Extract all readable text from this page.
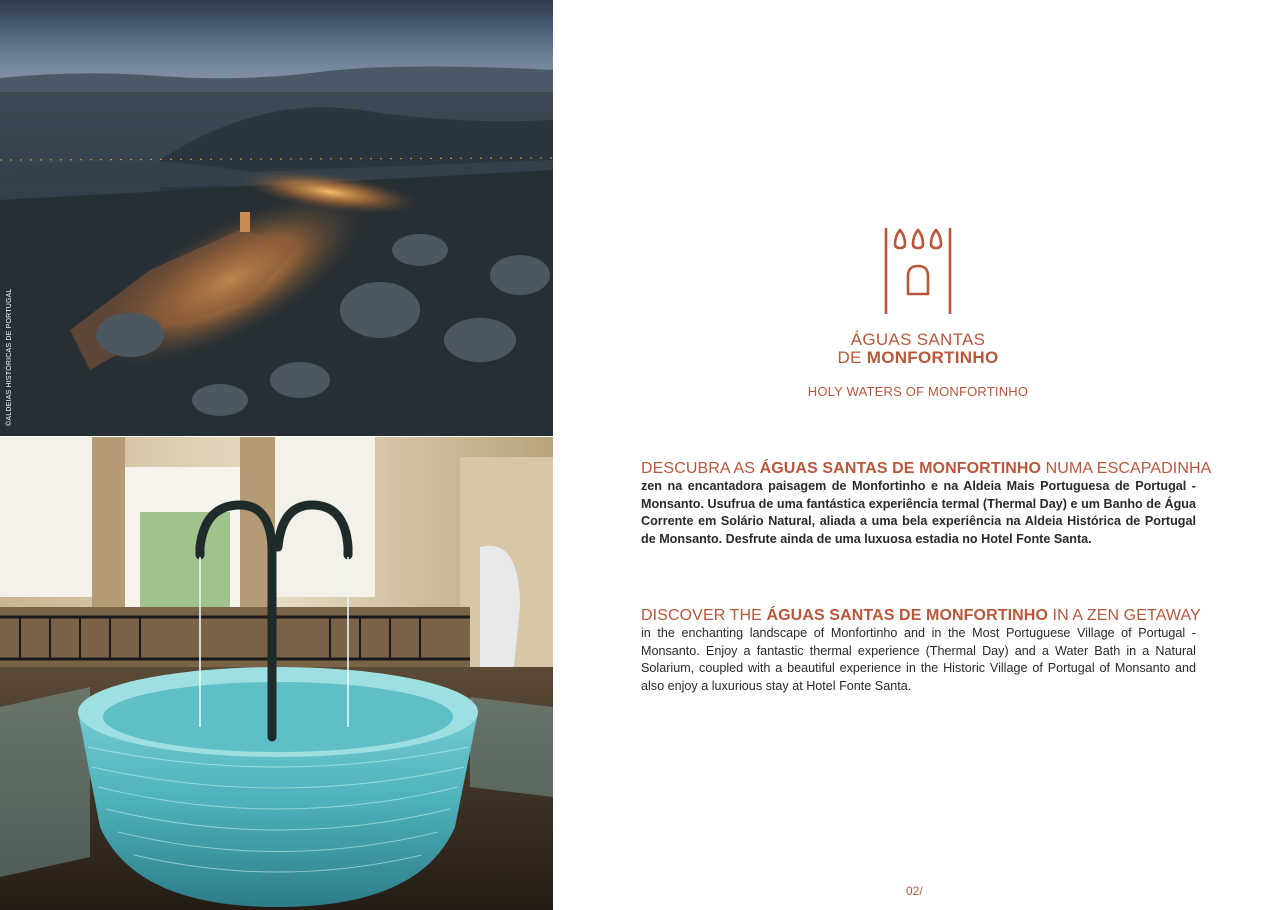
©ALDEIAS HISTÓRICAS DE PORTUGAL	ÁGUAS SANTAS
DE MONFORTINHO
HOLY WATERS OF MONFORTINHO
DESCUBRA AS ÁGUAS SANTAS DE MONFORTINHO NUMA ESCAPADINHA

zen na encantadora paisagem de Monfortinho e na Aldeia Mais Portuguesa de Portugal - Monsanto. Usufrua de uma fantástica experiência termal (Thermal Day) e um Banho de Água Corrente em Solário Natural, aliada a uma bela experiência na Aldeia Histórica de Portugal de Monsanto. Desfrute ainda de uma luxuosa estadia no Hotel Fonte Santa.

DISCOVER THE ÁGUAS SANTAS DE MONFORTINHO IN A ZEN GETAWAY

in the enchanting landscape of Monfortinho and in the Most Portuguese Village of Portugal - Monsanto. Enjoy a fantastic thermal experience (Thermal Day) and a Water Bath in a Natural Solarium, coupled with a beautiful experience in the Historic Village of Portugal of Monsanto and also enjoy a luxurious stay at Hotel Fonte Santa.

02/
